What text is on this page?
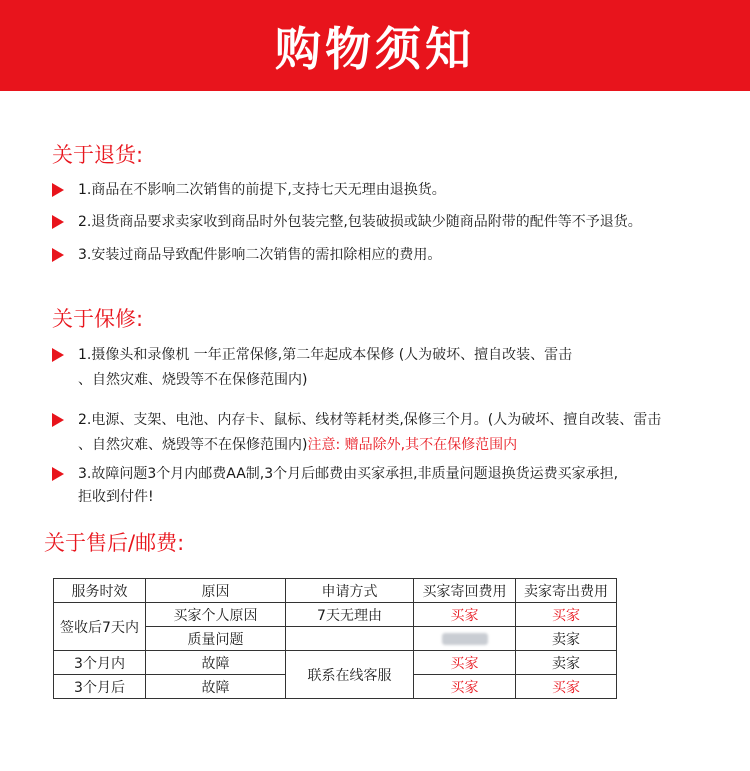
购物须知
关于退货:
1.商品在不影响二次销售的前提下,支持七天无理由退换货。
2.退货商品要求卖家收到商品时外包装完整,包装破损或缺少随商品附带的配件等不予退货。
3.安装过商品导致配件影响二次销售的需扣除相应的费用。
关于保修:
1.摄像头和录像机 一年正常保修,第二年起成本保修 (人为破坏、擅自改装、雷击
、自然灾难、烧毁等不在保修范围内)
2.电源、支架、电池、内存卡、鼠标、线材等耗材类,保修三个月。(人为破坏、擅自改装、雷击
、自然灾难、烧毁等不在保修范围内)注意: 赠品除外,其不在保修范围内
3.故障问题3个月内邮费AA制,3个月后邮费由买家承担,非质量问题退换货运费买家承担,
拒收到付件!
关于售后/邮费:
服务时效	原因	申请方式	买家寄回费用	卖家寄出费用
签收后7天内	买家个人原因	7天无理由	买家	买家
	质量问题			卖家
3个月内	故障	联系在线客服	买家	卖家
3个月后	故障		买家	买家
